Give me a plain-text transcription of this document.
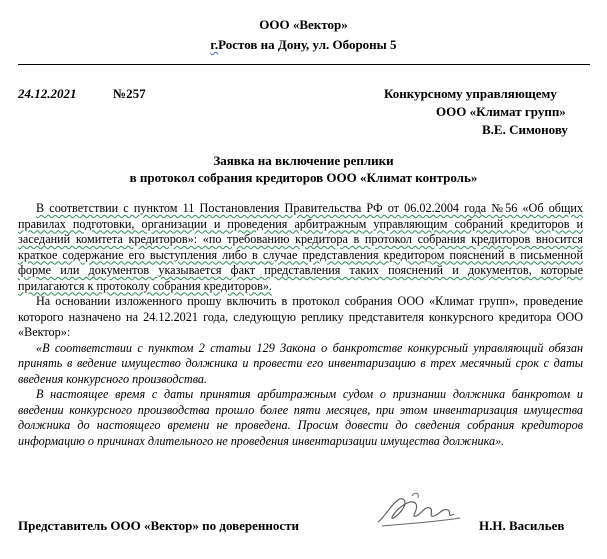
ООО «Вектор»
г.Ростов на Дону, ул. Обороны 5
24.12.2021	№257	Конкурсному управляющему
ООО «Климат групп»
В.Е. Симонову
Заявка на включение реплики
в протокол собрания кредиторов ООО «Климат контроль»

В соответствии с пунктом 11 Постановления Правительства РФ от 06.02.2004 года №56 «Об общих правилах подготовки, организации и проведения арбитражным управляющим собраний кредиторов и заседаний комитета кредиторов»: «по требованию кредитора в протокол собрания кредиторов вносится краткое содержание его выступления либо в случае представления кредитором пояснений в письменной форме или документов указывается факт представления таких пояснений и документов, которые прилагаются к протоколу собрания кредиторов».

На основании изложенного прошу включить в протокол собрания ООО «Климат групп», проведение которого назначено на 24.12.2021 года, следующую реплику представителя конкурсного кредитора ООО «Вектор»:

«В соответствии с пунктом 2 статьи 129 Закона о банкротстве конкурсный управляющий обязан принять в ведение имущество должника и провести его инвентаризацию в трех месячный срок с даты введения конкурсного производства.

В настоящее время с даты принятия арбитражным судом о признании должника банкротом и введении конкурсного производства прошло более пяти месяцев, при этом инвентаризация имущества должника до настоящего времени не проведена. Просим довести до сведения собрания кредиторов информацию о причинах длительного не проведения инвентаризации имущества должника».

Представитель ООО «Вектор» по доверенности	Н.Н. Васильев
